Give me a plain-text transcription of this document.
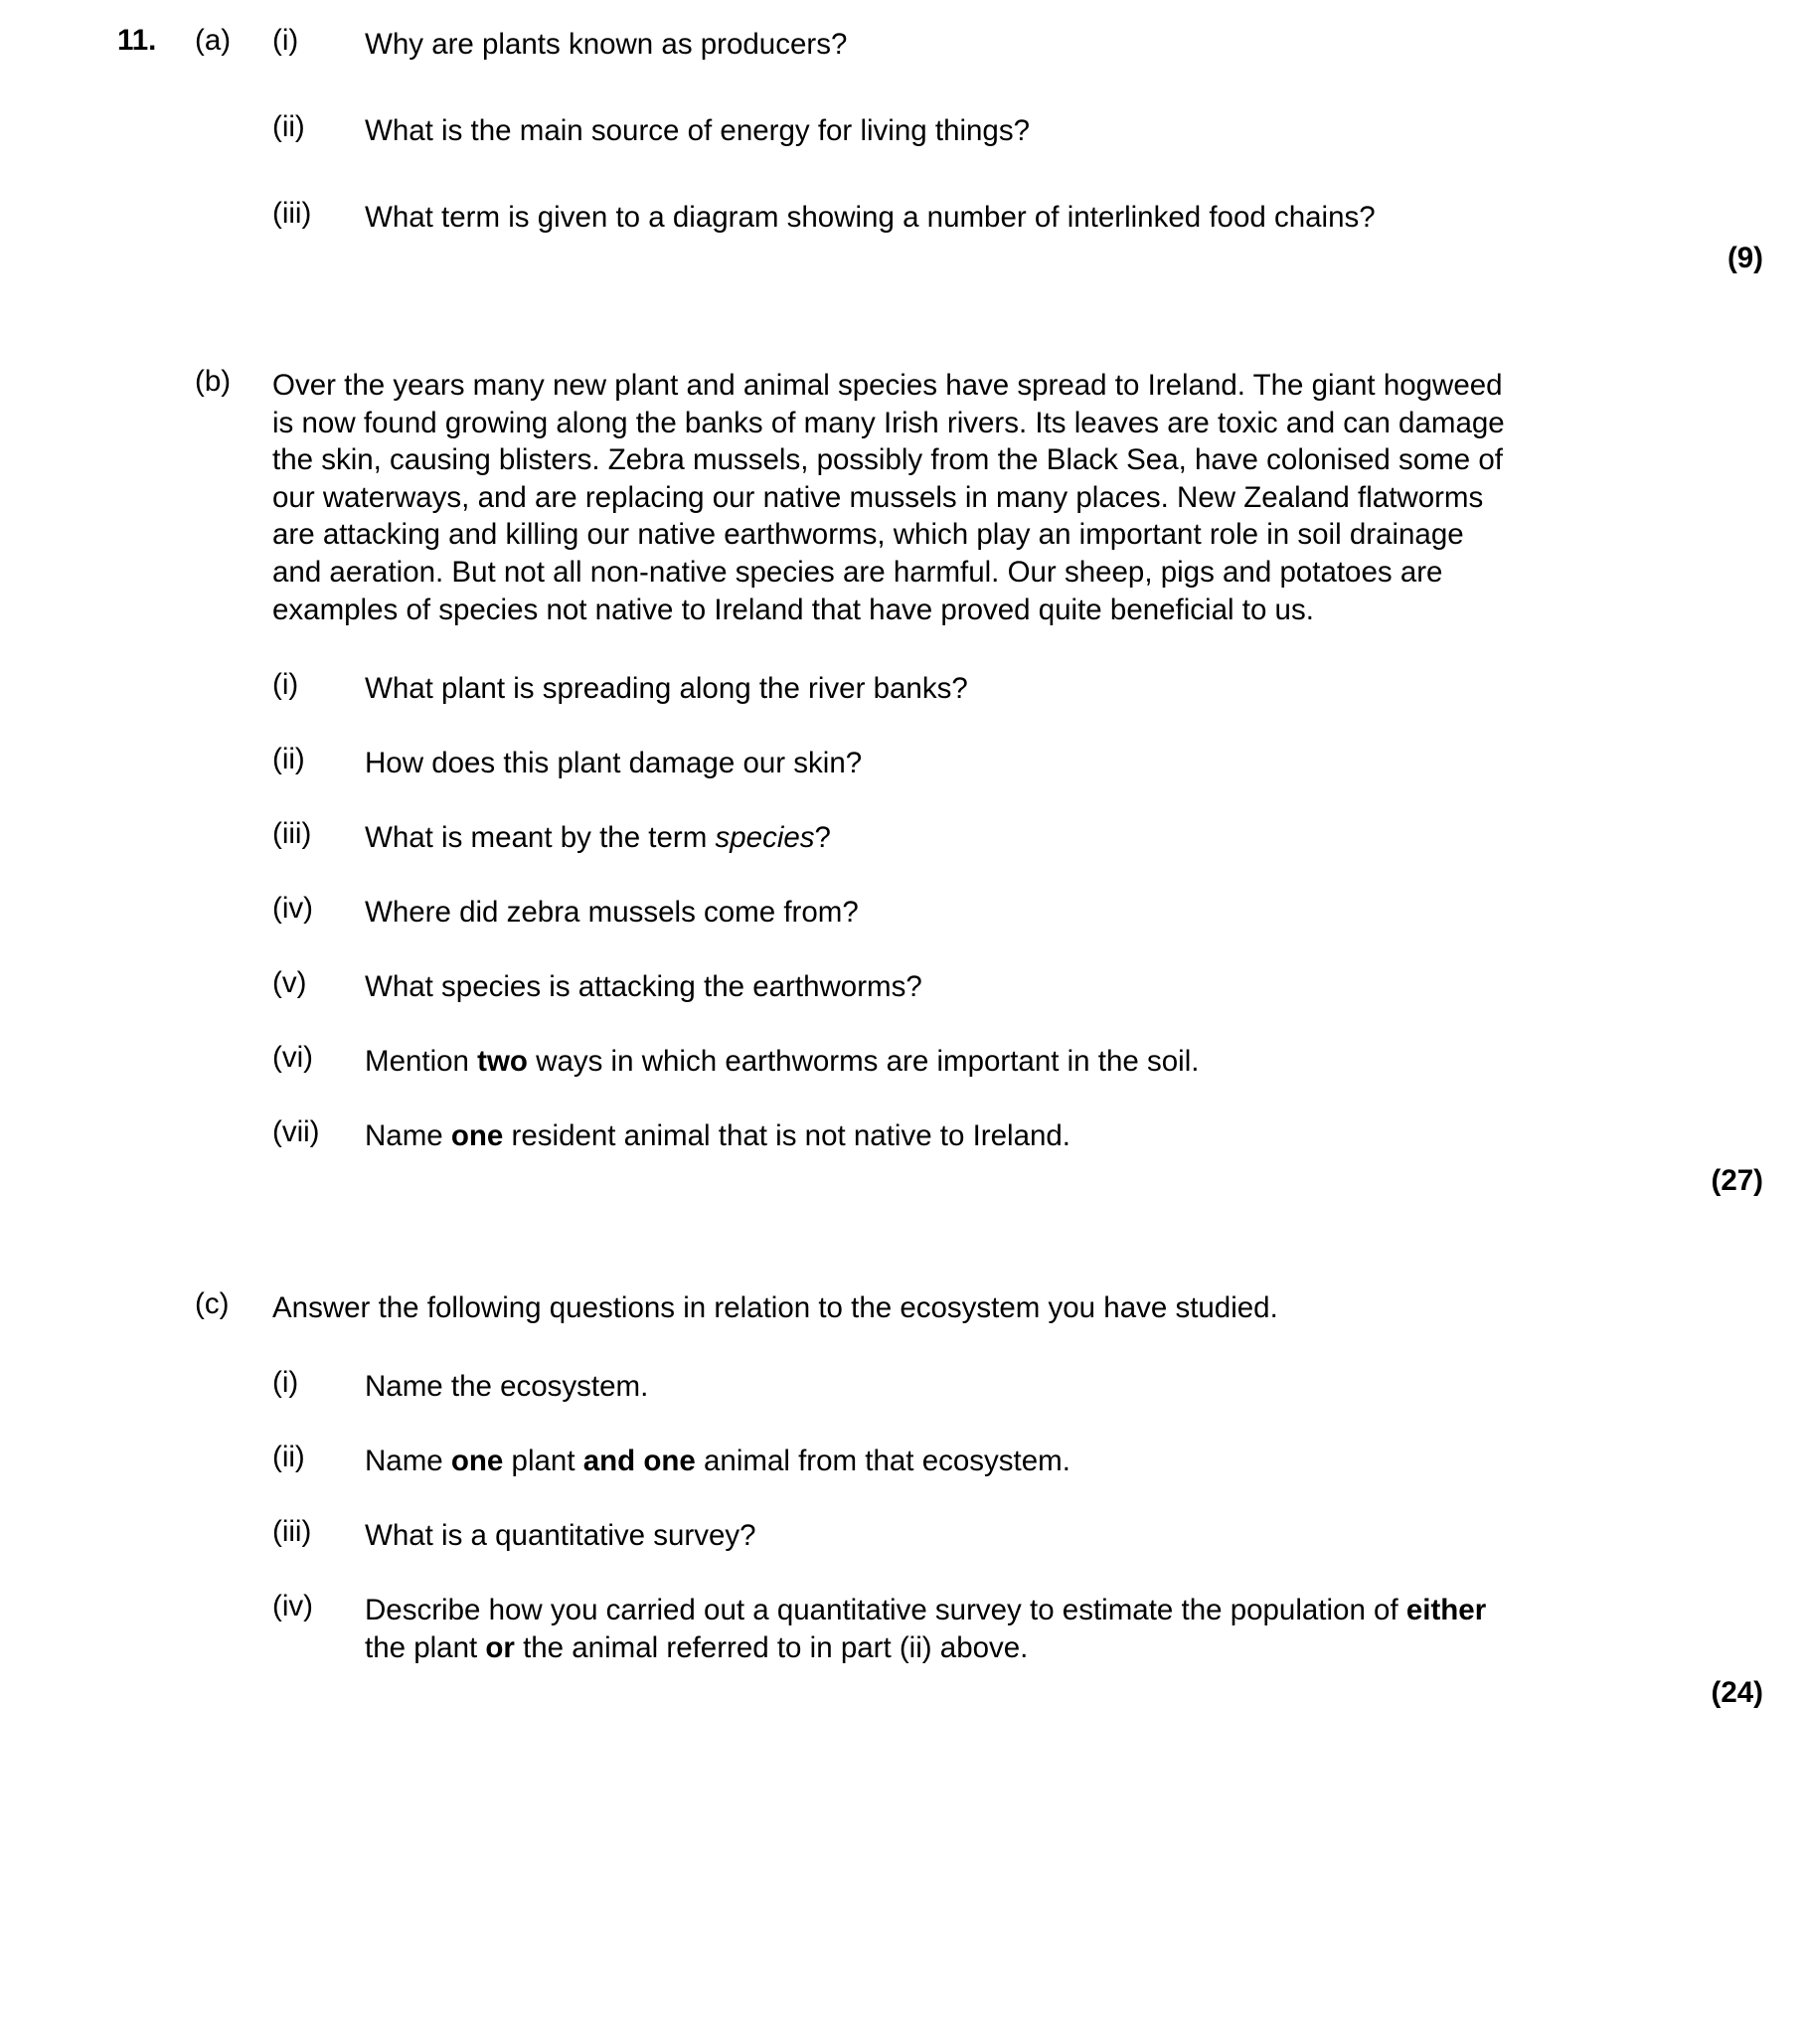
11.	(a)	(i)	Why are plants known as producers?
(ii)	What is the main source of energy for living things?
(iii)	What term is given to a diagram showing a number of interlinked food chains?
(9)
(b)	Over the years many new plant and animal species have spread to Ireland. The giant hogweed
is now found growing along the banks of many Irish rivers. Its leaves are toxic and can damage
the skin, causing blisters. Zebra mussels, possibly from the Black Sea, have colonised some of
our waterways, and are replacing our native mussels in many places. New Zealand flatworms
are attacking and killing our native earthworms, which play an important role in soil drainage
and aeration. But not all non-native species are harmful. Our sheep, pigs and potatoes are
examples of species not native to Ireland that have proved quite beneficial to us.
(i)	What plant is spreading along the river banks?
(ii)	How does this plant damage our skin?
(iii)	What is meant by the term species?
(iv)	Where did zebra mussels come from?
(v)	What species is attacking the earthworms?
(vi)	Mention two ways in which earthworms are important in the soil.
(vii)	Name one resident animal that is not native to Ireland.
(27)
(c)	Answer the following questions in relation to the ecosystem you have studied.
(i)	Name the ecosystem.
(ii)	Name one plant and one animal from that ecosystem.
(iii)	What is a quantitative survey?
(iv)	Describe how you carried out a quantitative survey to estimate the population of either
the plant or the animal referred to in part (ii) above.
(24)
